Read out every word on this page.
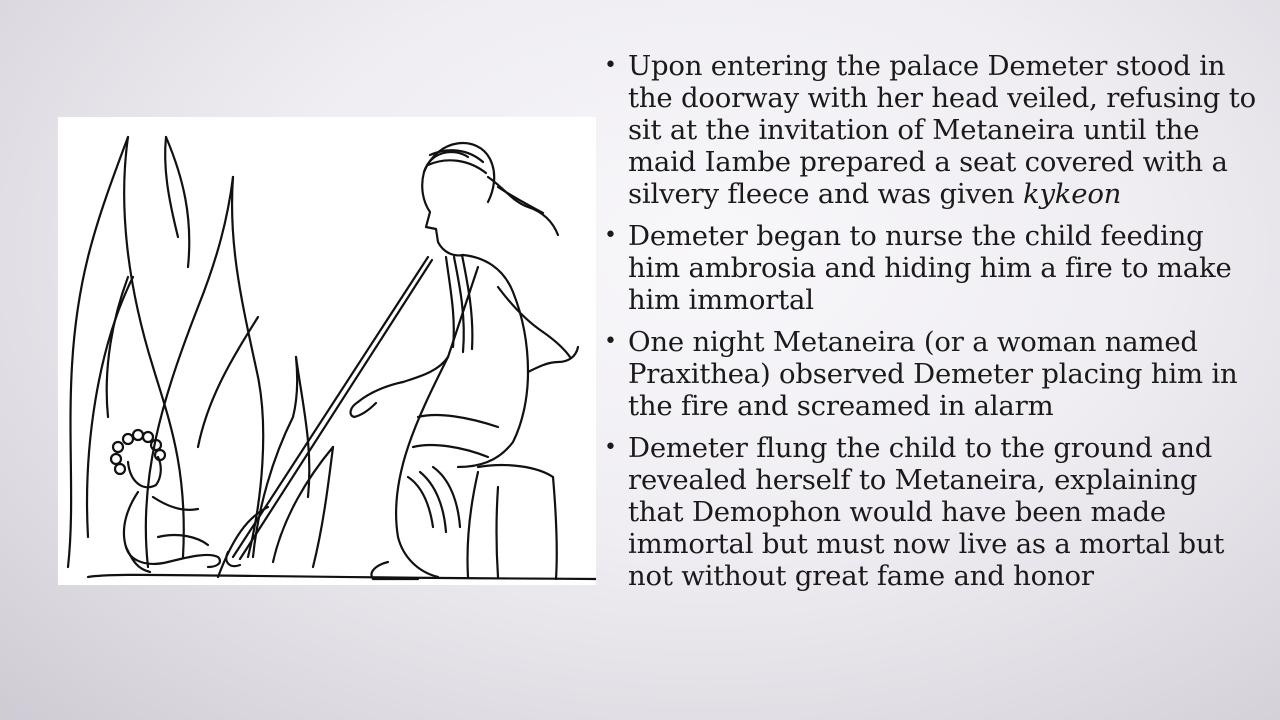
• Upon entering the palace Demeter stood in the doorway with her head veiled, refusing to sit at the invitation of Metaneira until the maid Iambe prepared a seat covered with a silvery fleece and was given kykeon
• Demeter began to nurse the child feeding him ambrosia and hiding him a fire to make him immortal
• One night Metaneira (or a woman named Praxithea) observed Demeter placing him in the fire and screamed in alarm
• Demeter flung the child to the ground and revealed herself to Metaneira, explaining that Demophon would have been made immortal but must now live as a mortal but not without great fame and honor
